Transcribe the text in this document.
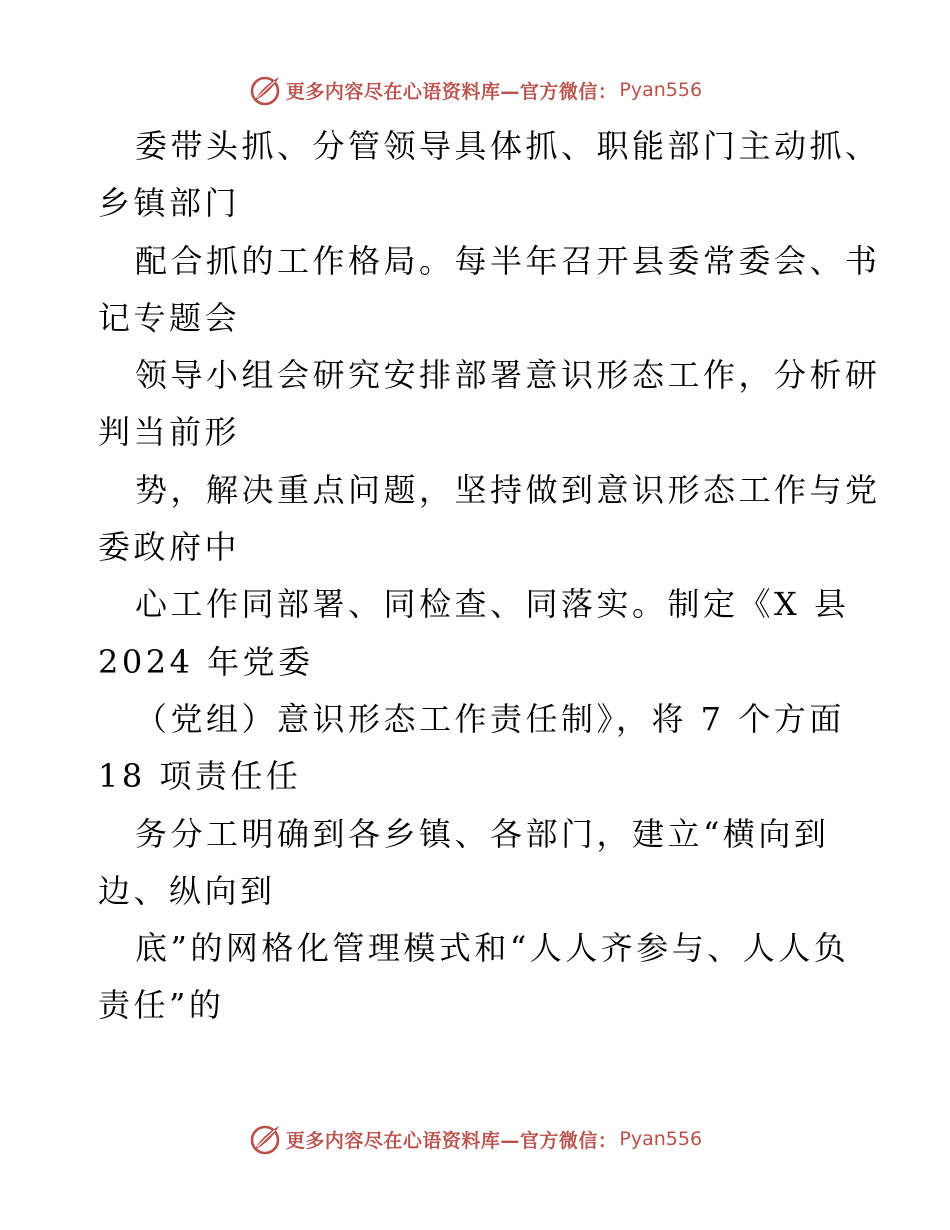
更多内容尽在心语资料库—官方微信： Pyan556
委带头抓、分管领导具体抓、职能部门主动抓、
乡镇部门
配合抓的工作格局。每半年召开县委常委会、书
记专题会
领导小组会研究安排部署意识形态工作，分析研
判当前形
势，解决重点问题，坚持做到意识形态工作与党
委政府中
心工作同部署、同检查、同落实。制定《X 县
2024 年党委
（党组）意识形态工作责任制》，将 7 个方面
18 项责任任
务分工明确到各乡镇、各部门，建立“横向到
边、纵向到
底”的网格化管理模式和“人人齐参与、人人负
责任”的
更多内容尽在心语资料库—官方微信： Pyan556
